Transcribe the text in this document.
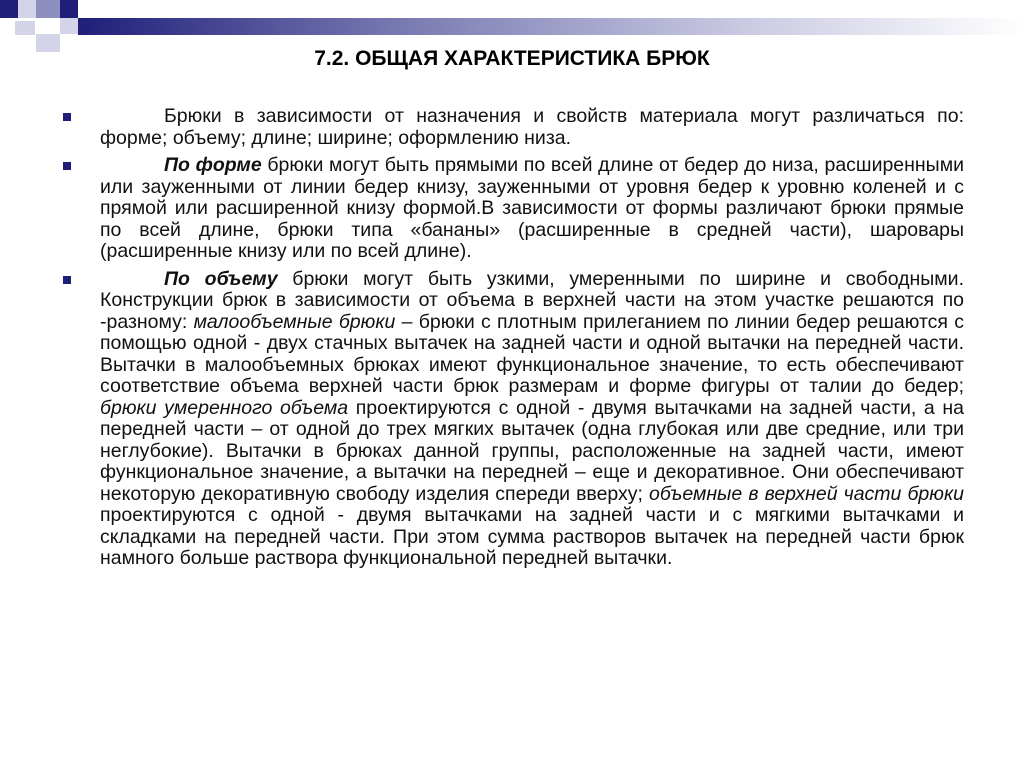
7.2. ОБЩАЯ ХАРАКТЕРИСТИКА БРЮК

Брюки в зависимости от назначения и свойств материала могут различаться по: форме; объему; длине; ширине; оформлению низа.

По форме брюки могут быть прямыми по всей длине от бедер до низа, расширенными или зауженными от линии бедер книзу, зауженными от уровня бедер к уровню коленей и с прямой или расширенной книзу формой.В зависимости от формы различают брюки прямые по всей длине, брюки типа «бананы» (расширенные в средней части), шаровары (расширенные книзу или по всей длине).

По объему брюки могут быть узкими, умеренными по ширине и свободными. Конструкции брюк в зависимости от объема в верхней части на этом участке решаются по -разному: малообъемные брюки – брюки с плотным прилеганием по линии бедер решаются с помощью одной - двух стачных вытачек на задней части и одной вытачки на передней части. Вытачки в малообъемных брюках имеют функциональное значение, то есть обеспечивают соответствие объема верхней части брюк размерам и форме фигуры от талии до бедер; брюки умеренного объема проектируются с одной - двумя вытачками на задней части, а на передней части – от одной до трех мягких вытачек (одна глубокая или две средние, или три неглубокие). Вытачки в брюках данной группы, расположенные на задней части, имеют функциональное значение, а вытачки на передней – еще и декоративное. Они обеспечивают некоторую декоративную свободу изделия спереди вверху; объемные в верхней части брюки проектируются с одной - двумя вытачками на задней части и с мягкими вытачками и складками на передней части. При этом сумма растворов вытачек на передней части брюк намного больше раствора функциональной передней вытачки.
